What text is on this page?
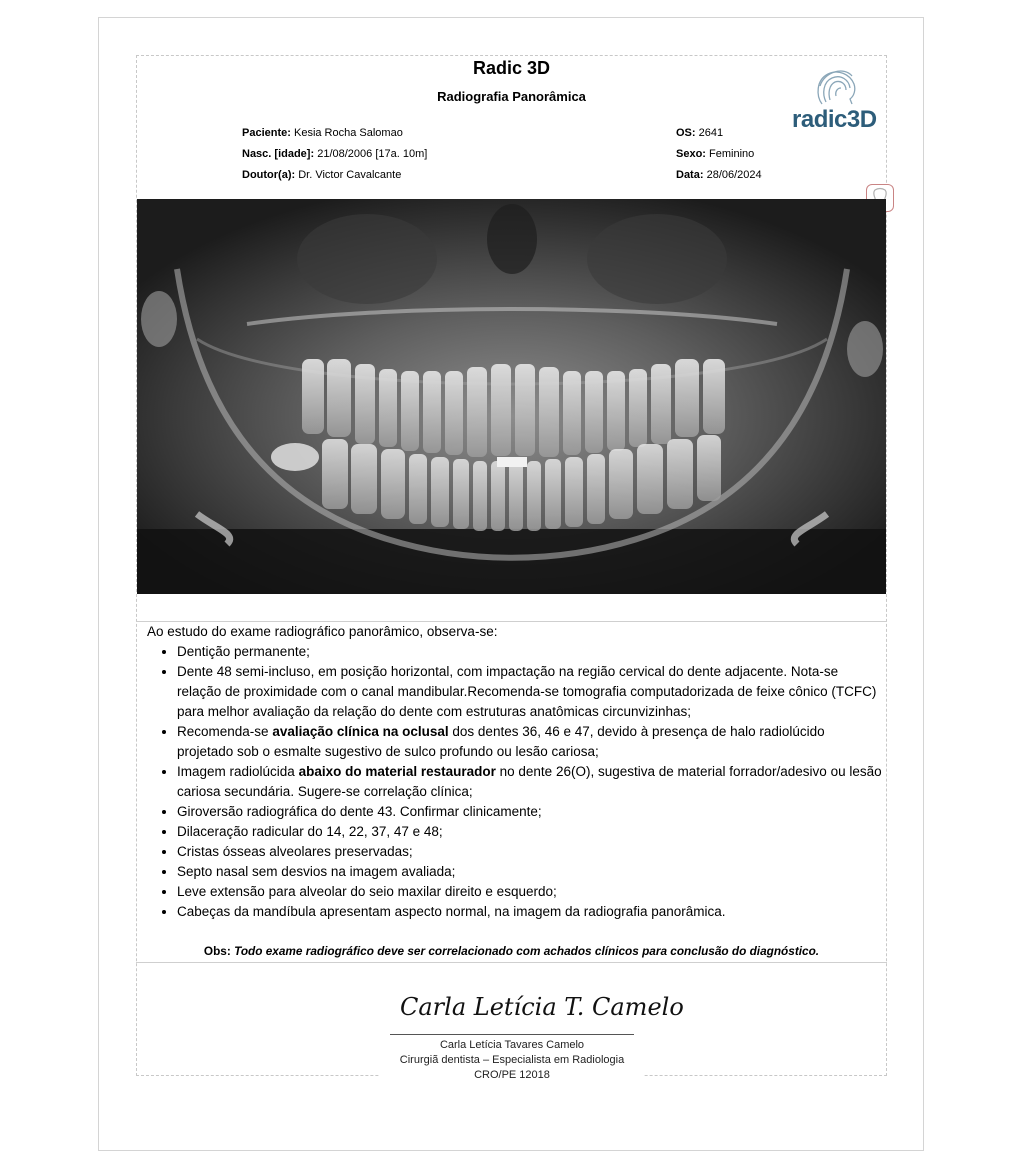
Radic 3D
Radiografia Panorâmica
radic3D
Paciente: Kesia Rocha Salomao
Nasc. [idade]: 21/08/2006 [17a. 10m]
Doutor(a): Dr. Victor Cavalcante
OS: 2641
Sexo: Feminino
Data: 28/06/2024
Ao estudo do exame radiográfico panorâmico, observa-se:
• Dentição permanente;
• Dente 48 semi-incluso, em posição horizontal, com impactação na região cervical do dente adjacente. Nota-se relação de proximidade com o canal mandibular.Recomenda-se tomografia computadorizada de feixe cônico (TCFC) para melhor avaliação da relação do dente com estruturas anatômicas circunvizinhas;
• Recomenda-se avaliação clínica na oclusal dos dentes 36, 46 e 47, devido à presença de halo radiolúcido projetado sob o esmalte sugestivo de sulco profundo ou lesão cariosa;
• Imagem radiolúcida abaixo do material restaurador no dente 26(O), sugestiva de material forrador/adesivo ou lesão cariosa secundária. Sugere-se correlação clínica;
• Giroversão radiográfica do dente 43. Confirmar clinicamente;
• Dilaceração radicular do 14, 22, 37, 47 e 48;
• Cristas ósseas alveolares preservadas;
• Septo nasal sem desvios na imagem avaliada;
• Leve extensão para alveolar do seio maxilar direito e esquerdo;
• Cabeças da mandíbula apresentam aspecto normal, na imagem da radiografia panorâmica.
Obs: Todo exame radiográfico deve ser correlacionado com achados clínicos para conclusão do diagnóstico.
Carla Letícia T. Camelo
Carla Letícia Tavares Camelo
Cirurgiã dentista – Especialista em Radiologia
CRO/PE 12018
